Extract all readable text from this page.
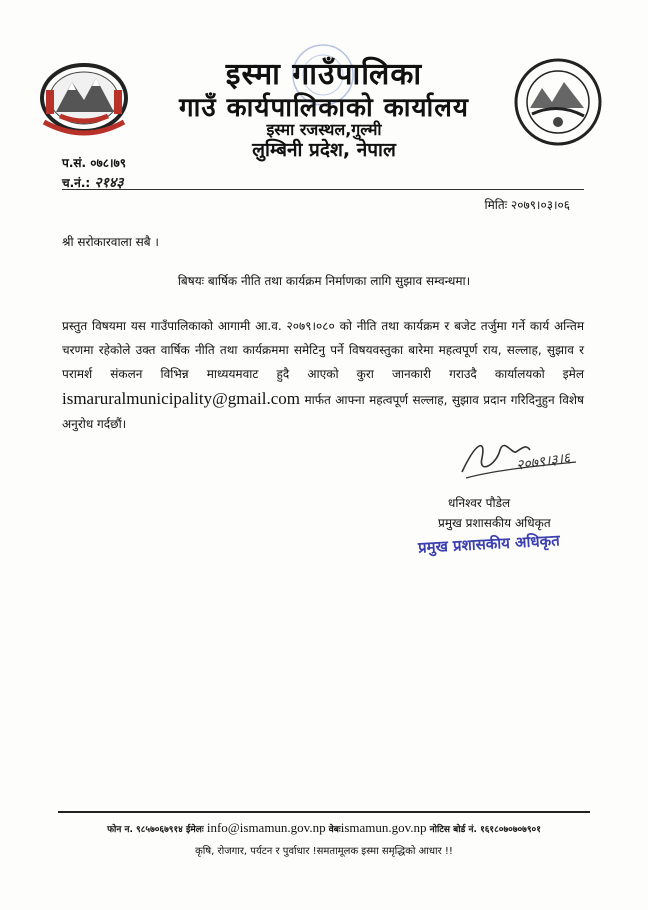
इस्मा गाउँपालिका
गाउँ कार्यपालिकाको कार्यालय
इस्मा रजस्थल,गुल्मी
लुम्बिनी प्रदेश, नेपाल
प.सं. ०७८।७९
च.नं.: २१४३
मितिः २०७९।०३।०६
श्री सरोकारवाला सबै ।
बिषयः बार्षिक नीति तथा कार्यक्रम निर्माणका लागि सुझाव सम्वन्धमा।
प्रस्तुत विषयमा यस गाउँपालिकाको आगामी आ.व. २०७९।०८० को नीति तथा कार्यक्रम र बजेट तर्जुमा गर्ने कार्य अन्तिम चरणमा रहेकोले उक्त वार्षिक नीति तथा कार्यक्रममा समेटिनु पर्ने विषयवस्तुका बारेमा महत्वपूर्ण राय, सल्लाह, सुझाव र परामर्श संकलन विभिन्न माध्ययमवाट हुदै आएको कुरा जानकारी गराउदै कार्यालयको इमेल ismaruralmunicipality@gmail.com मार्फत आफ्ना महत्वपूर्ण सल्लाह, सुझाव प्रदान गरिदिनुहुन विशेष अनुरोध गर्दछौं।
२०७९।३।६
धनिश्वर पौडेल
प्रमुख प्रशासकीय अधिकृत
प्रमुख प्रशासकीय अधिकृत
फोन न. ९८५७०६७९१४ ईमेलः info@ismamun.gov.np वेबःismamun.gov.np नोटिस बोर्ड नं. १६१८०७०७०७९०१
कृषि, रोजगार, पर्यटन र पुर्वाधार !समतामूलक इस्मा समृद्धिको आधार !!
